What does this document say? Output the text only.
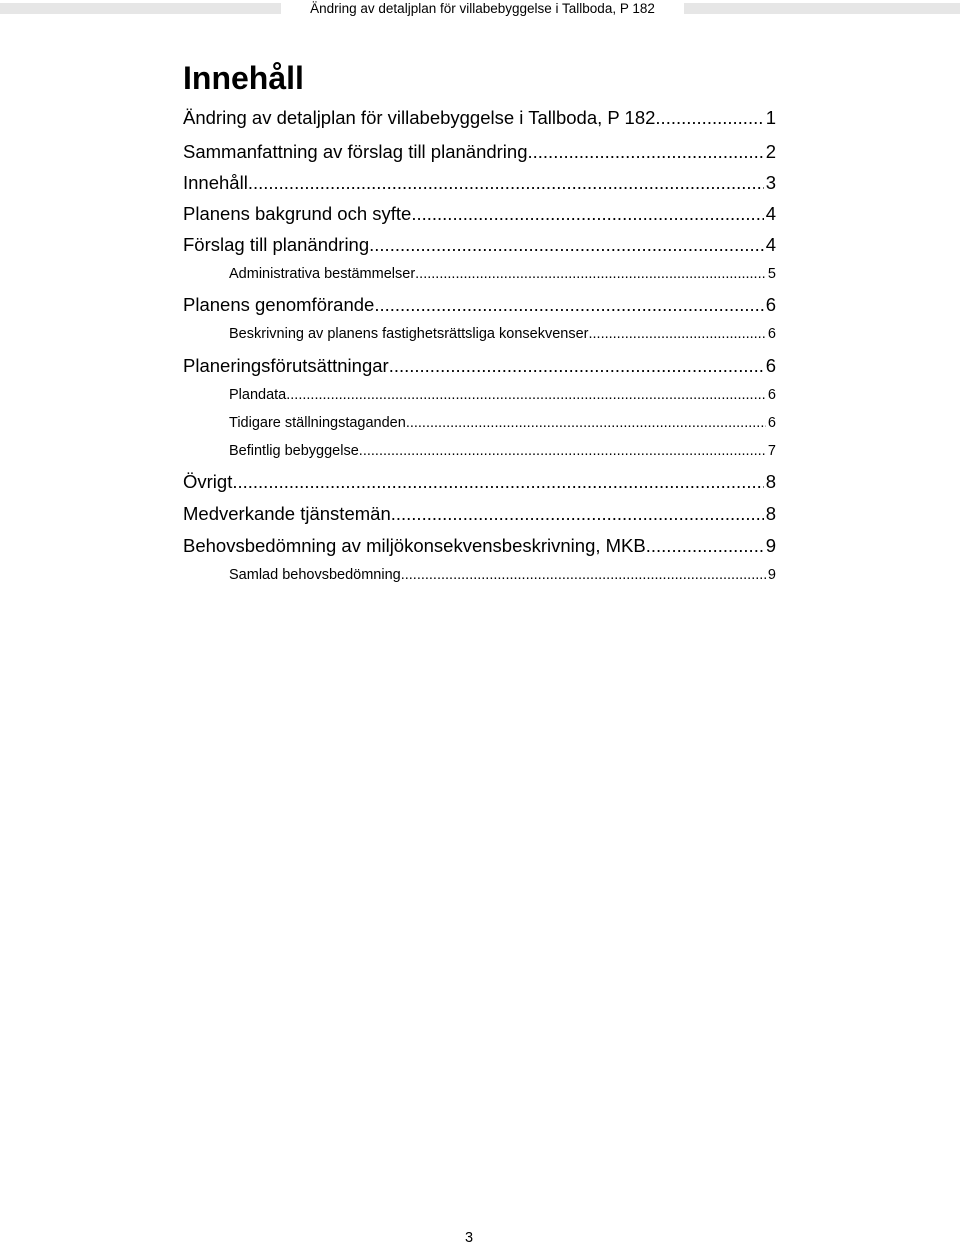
Ändring av detaljplan för villabebyggelse i Tallboda, P 182
Innehåll
Ändring av detaljplan för villabebyggelse i Tallboda, P 182 .....	1
Sammanfattning av förslag till planändring .....	2
Innehåll .....	3
Planens bakgrund och syfte .....	4
Förslag till planändring .....	4
Administrativa bestämmelser .....	5
Planens genomförande .....	6
Beskrivning av planens fastighetsrättsliga konsekvenser .....	6
Planeringsförutsättningar .....	6
Plandata .....	6
Tidigare ställningstaganden .....	6
Befintlig bebyggelse .....	7
Övrigt .....	8
Medverkande tjänstemän .....	8
Behovsbedömning av miljökonsekvensbeskrivning, MKB .....	9
Samlad behovsbedömning .....	9
3
